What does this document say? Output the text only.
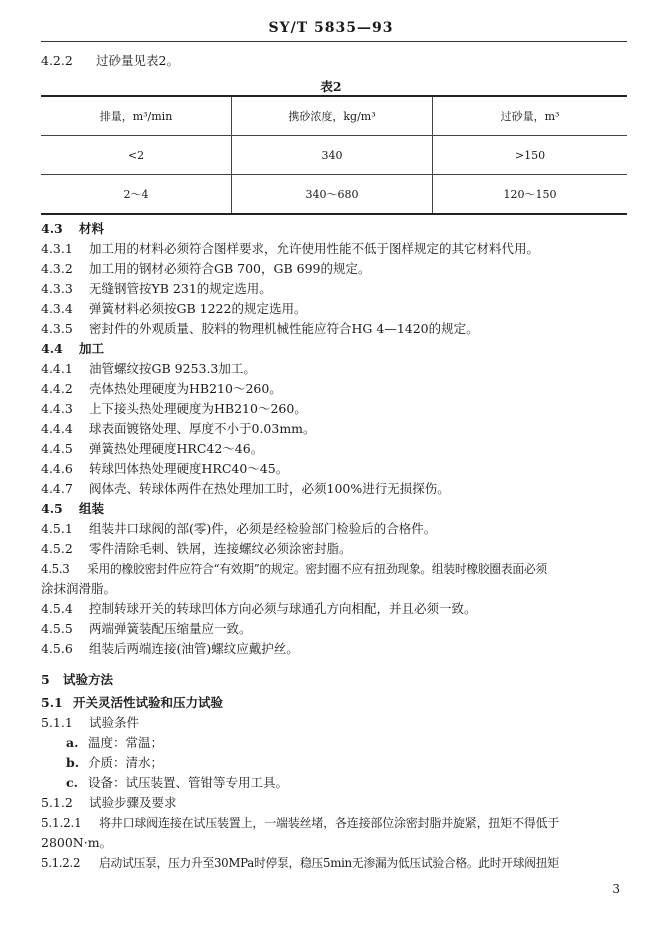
SY/T 5835—93
4.2.2 过砂量见表2。
表2
排量，m³/min	携砂浓度，kg/m³	过砂量，m³
<2	340	>150
2～4	340～680	120～150
4.3 材料
4.3.1 加工用的材料必须符合图样要求，允许使用性能不低于图样规定的其它材料代用。
4.3.2 加工用的钢材必须符合GB 700，GB 699的规定。
4.3.3 无缝钢管按YB 231的规定选用。
4.3.4 弹簧材料必须按GB 1222的规定选用。
4.3.5 密封件的外观质量、胶料的物理机械性能应符合HG 4—1420的规定。
4.4 加工
4.4.1 油管螺纹按GB 9253.3加工。
4.4.2 壳体热处理硬度为HB210～260。
4.4.3 上下接头热处理硬度为HB210～260。
4.4.4 球表面镀铬处理、厚度不小于0.03mm。
4.4.5 弹簧热处理硬度HRC42～46。
4.4.6 转球凹体热处理硬度HRC40～45。
4.4.7 阀体壳、转球体两件在热处理加工时，必须100%进行无损探伤。
4.5 组装
4.5.1 组装井口球阀的部(零)件，必须是经检验部门检验后的合格件。
4.5.2 零件清除毛刺、铁屑，连接螺纹必须涂密封脂。
4.5.3 采用的橡胶密封件应符合“有效期”的规定。密封圈不应有扭劲现象。组装时橡胶圈表面必须
涂抹润滑脂。
4.5.4 控制转球开关的转球凹体方向必须与球通孔方向相配，并且必须一致。
4.5.5 两端弹簧装配压缩量应一致。
4.5.6 组装后两端连接(油管)螺纹应戴护丝。
5 试验方法
5.1 开关灵活性试验和压力试验
5.1.1 试验条件
a. 温度：常温；
b. 介质：清水；
c. 设备：试压装置、管钳等专用工具。
5.1.2 试验步骤及要求
5.1.2.1 将井口球阀连接在试压装置上，一端装丝堵，各连接部位涂密封脂并旋紧，扭矩不得低于
2800N·m。
5.1.2.2 启动试压泵，压力升至30MPa时停泵，稳压5min无渗漏为低压试验合格。此时开球阀扭矩
3
